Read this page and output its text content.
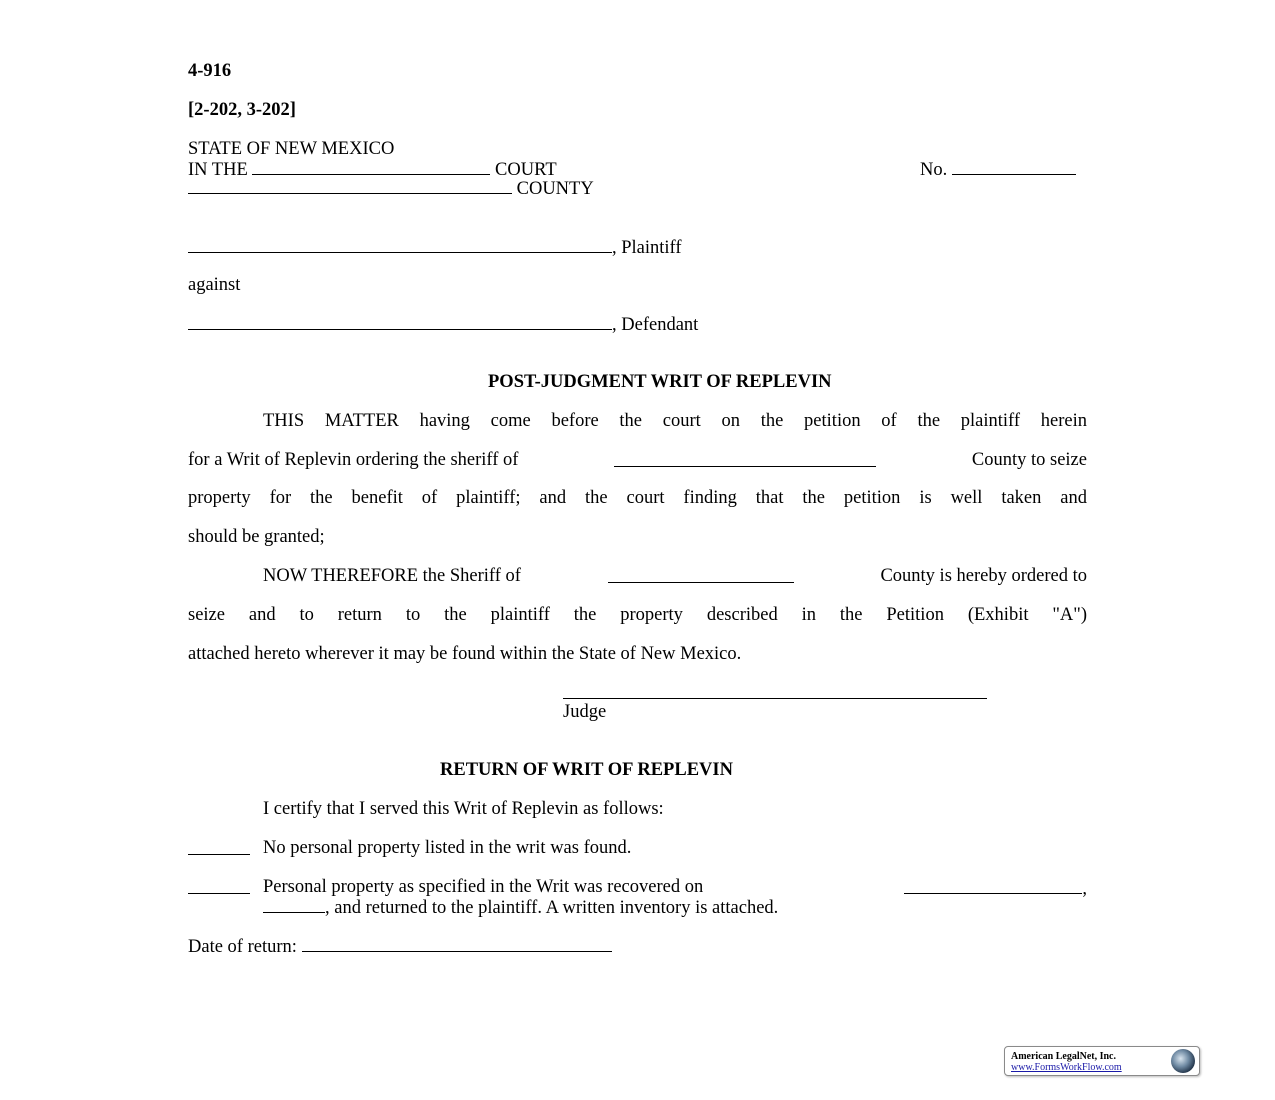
4-916
[2-202, 3-202]
STATE OF NEW MEXICO
IN THE	COURT	No.
COUNTY
, Plaintiff
against
, Defendant
POST-JUDGMENT WRIT OF REPLEVIN
THIS MATTER having come before the court on the petition of the plaintiff herein
for a Writ of Replevin ordering the sheriff of	County to seize
property for the benefit of plaintiff; and the court finding that the petition is well taken and
should be granted;
NOW THEREFORE the Sheriff of	County is hereby ordered to
seize and to return to the plaintiff the property described in the Petition (Exhibit "A")
attached hereto wherever it may be found within the State of New Mexico.
Judge
RETURN OF WRIT OF REPLEVIN
I certify that I served this Writ of Replevin as follows:
No personal property listed in the writ was found.
Personal property as specified in the Writ was recovered on	,
, and returned to the plaintiff. A written inventory is attached.
Date of return:
American LegalNet, Inc.
www.FormsWorkFlow.com
